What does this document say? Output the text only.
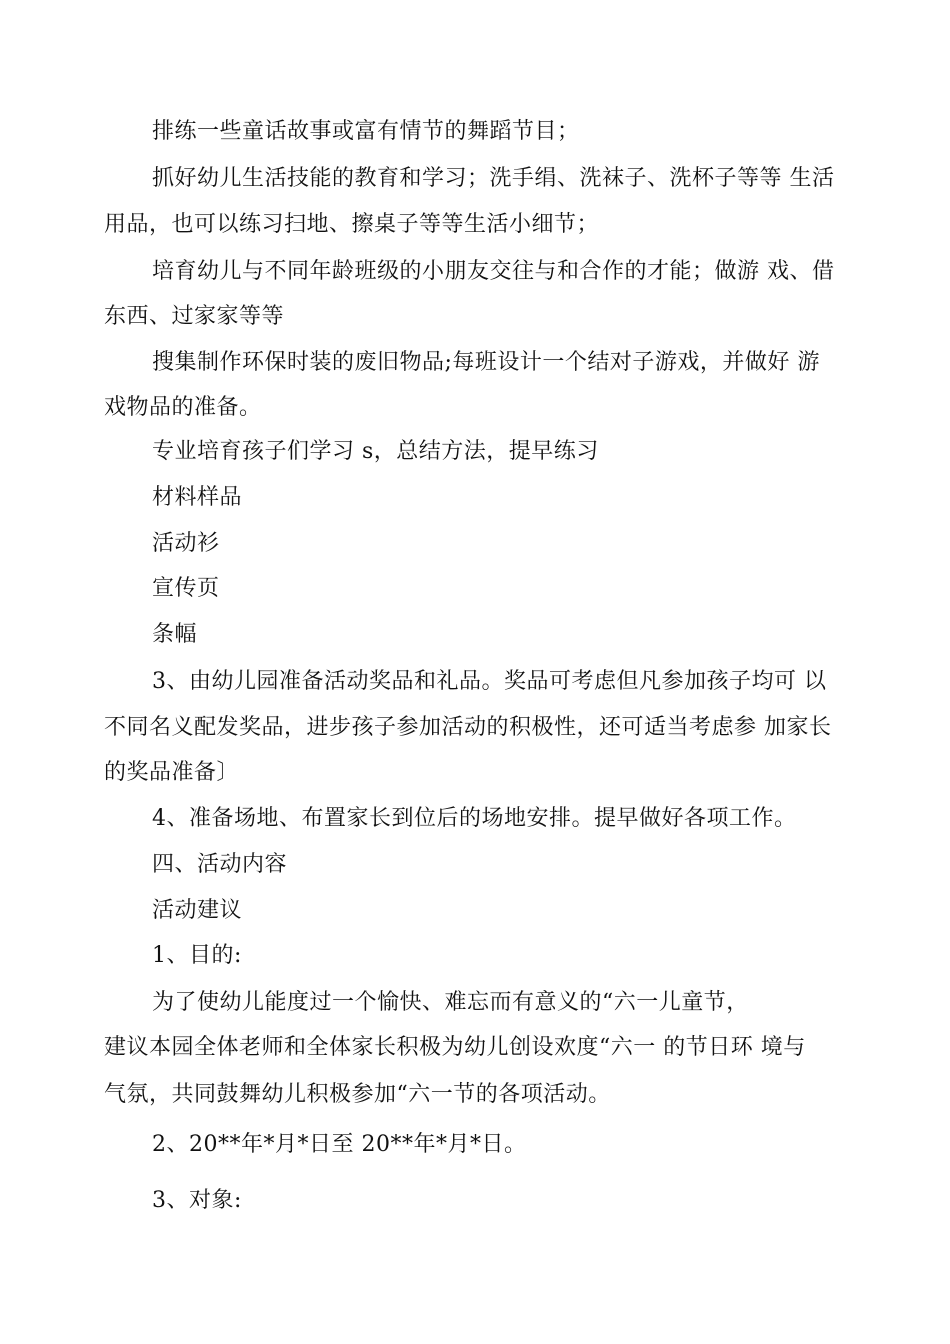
排练一些童话故事或富有情节的舞蹈节目；
抓好幼儿生活技能的教育和学习；洗手绢、洗袜子、洗杯子等等 生活
用品，也可以练习扫地、擦桌子等等生活小细节；
培育幼儿与不同年龄班级的小朋友交往与和合作的才能；做游 戏、借
东西、过家家等等
搜集制作环保时装的废旧物品;每班设计一个结对子游戏，并做好 游
戏物品的准备。
专业培育孩子们学习 s，总结方法，提早练习
材料样品
活动衫
宣传页
条幅
3、由幼儿园准备活动奖品和礼品。奖品可考虑但凡参加孩子均可 以
不同名义配发奖品，进步孩子参加活动的积极性，还可适当考虑参 加家长
的奖品准备〕
4、准备场地、布置家长到位后的场地安排。提早做好各项工作。
四、活动内容
活动建议
1、目的:
为了使幼儿能度过一个愉快、难忘而有意义的“六一儿童节，
建议本园全体老师和全体家长积极为幼儿创设欢度“六一 的节日环 境与
气氛，共同鼓舞幼儿积极参加“六一节的各项活动。
2、20**年*月*日至 20**年*月*日。
3、对象:
